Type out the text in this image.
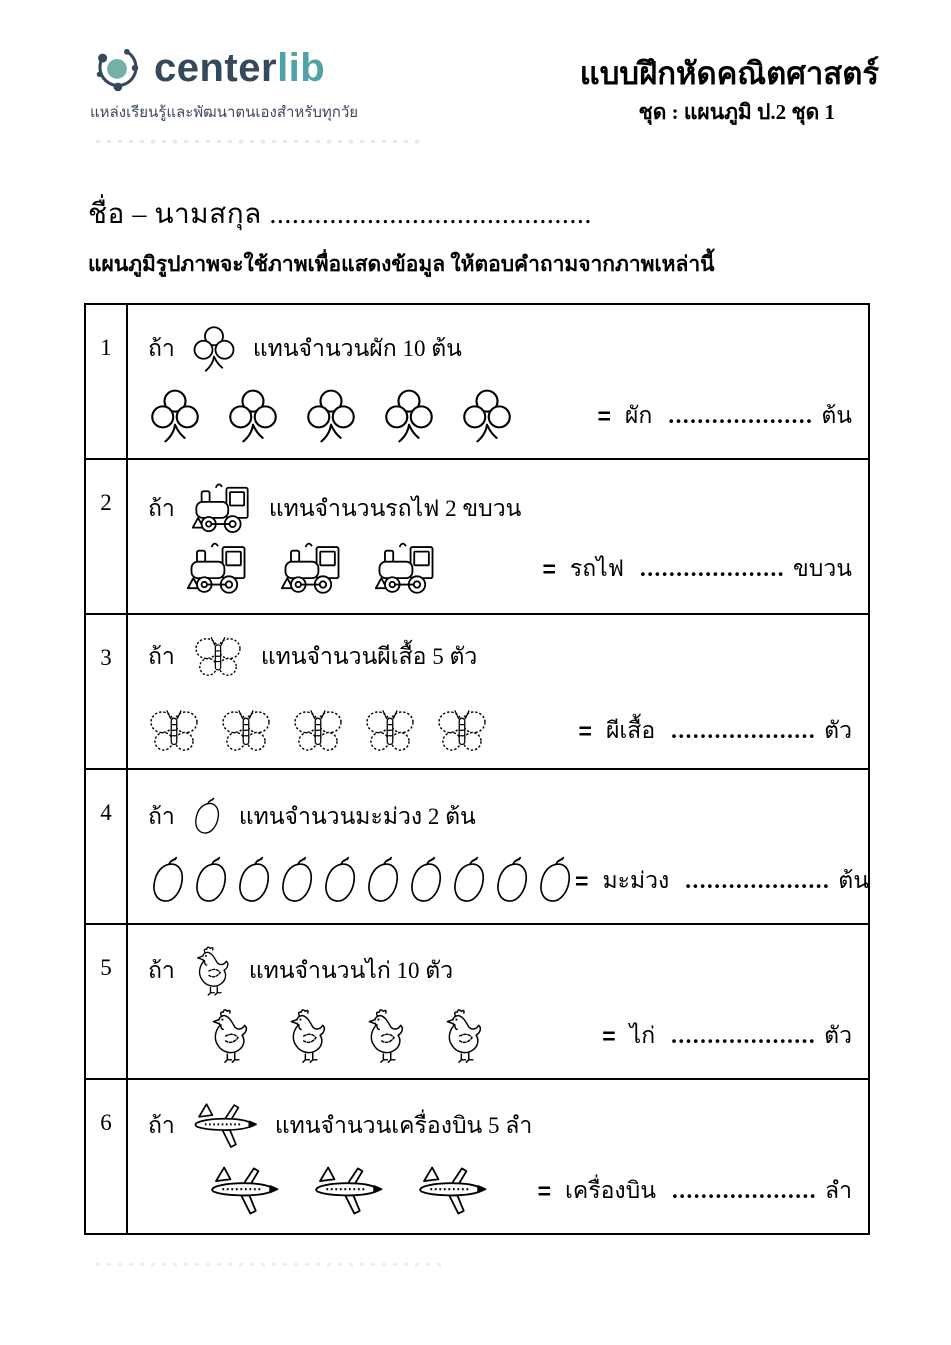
centerlib
แหล่งเรียนรู้และพัฒนาตนเองสำหรับทุกวัย
แบบฝึกหัดคณิตศาสตร์
ชุด : แผนภูมิ ป.2 ชุด 1
ชื่อ – นามสกุล ...........................................
แผนภูมิรูปภาพจะใช้ภาพเพื่อแสดงข้อมูล ให้ตอบคำถามจากภาพเหล่านี้
1	ถ้า	แทนจำนวนผัก 10 ต้น
= ผัก .................... ต้น

2	ถ้า	แทนจำนวนรถไฟ 2 ขบวน
= รถไฟ .................... ขบวน

3	ถ้า	แทนจำนวนผีเสื้อ 5 ตัว
= ผีเสื้อ .................... ตัว

4	ถ้า	แทนจำนวนมะม่วง 2 ต้น
= มะม่วง .................... ต้น

5	ถ้า	แทนจำนวนไก่ 10 ตัว
= ไก่ .................... ตัว

6	ถ้า	แทนจำนวนเครื่องบิน 5 ลำ
= เครื่องบิน .................... ลำ
